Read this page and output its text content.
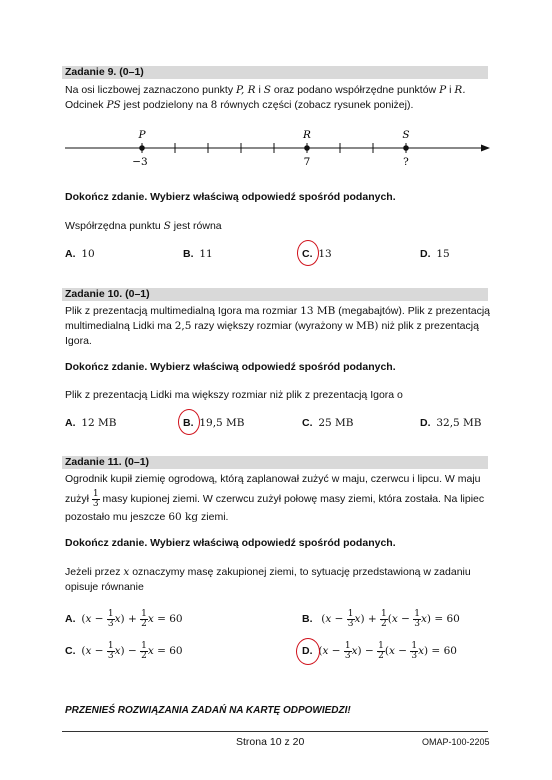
Zadanie 9. (0–1)
Na osi liczbowej zaznaczono punkty P, R i S oraz podano współrzędne punktów P i R.
Odcinek PS jest podzielony na 8 równych części (zobacz rysunek poniżej).
P	R	S
−3	7	?
Dokończ zdanie. Wybierz właściwą odpowiedź spośród podanych.
Współrzędna punktu S jest równa
A. 10	B. 11	C. 13	D. 15
Zadanie 10. (0–1)
Plik z prezentacją multimedialną Igora ma rozmiar 13 MB (megabajtów). Plik z prezentacją
multimedialną Lidki ma 2,5 razy większy rozmiar (wyrażony w MB) niż plik z prezentacją
Igora.
Dokończ zdanie. Wybierz właściwą odpowiedź spośród podanych.
Plik z prezentacją Lidki ma większy rozmiar niż plik z prezentacją Igora o
A. 12 MB	B. 19,5 MB	C. 25 MB	D. 32,5 MB
Zadanie 11. (0–1)
Ogrodnik kupił ziemię ogrodową, którą zaplanował zużyć w maju, czerwcu i lipcu. W maju
zużył $\frac{1}{3}$ masy kupionej ziemi. W czerwcu zużył połowę masy ziemi, która została. Na lipiec
pozostało mu jeszcze 60 kg ziemi.
Dokończ zdanie. Wybierz właściwą odpowiedź spośród podanych.
Jeżeli przez x oznaczymy masę zakupionej ziemi, to sytuację przedstawioną w zadaniu
opisuje równanie
A. $(x - \frac{1}{3} x) + \frac{1}{2}$ x = 60	B. $(x - \frac{1}{3} x) + \frac{1}{2} (x - \frac{1}{3} x) = 60$
C. $(x - \frac{1}{3} x) - \frac{1}{2}$ x = 60	D. $(x - \frac{1}{3} x) - \frac{1}{2} (x - \frac{1}{3} x) = 60$
PRZENIEŚ ROZWIĄZANIA ZADAŃ NA KARTĘ ODPOWIEDZI!
Strona 10 z 20	OMAP-100-2205
